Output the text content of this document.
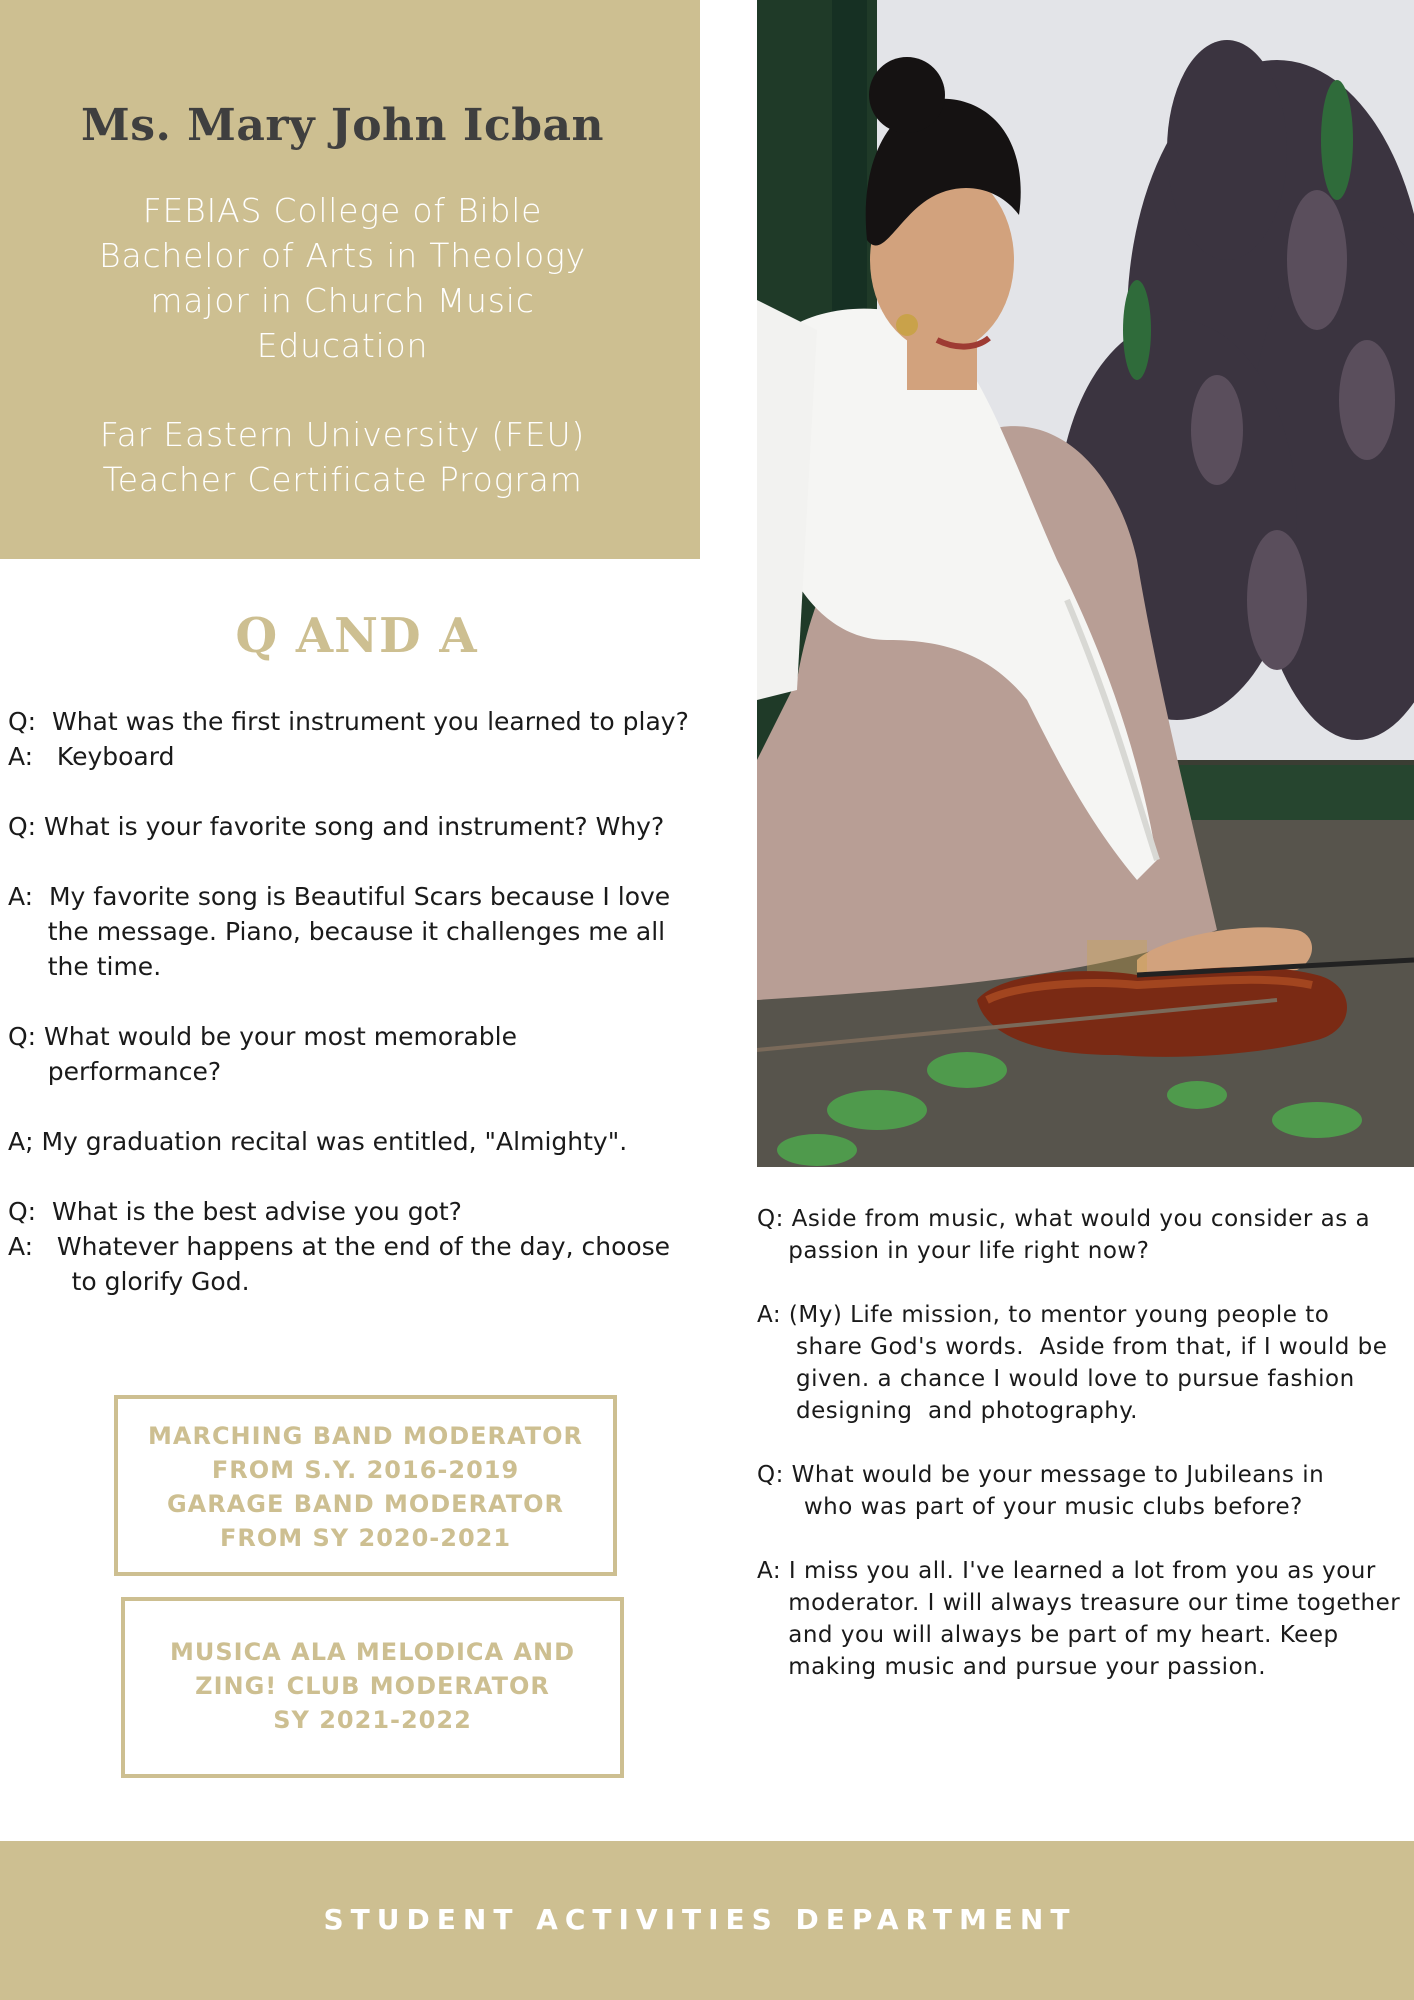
Ms. Mary John Icban
FEBIAS College of Bible
Bachelor of Arts in Theology
major in Church Music
Education
Far Eastern University (FEU)
Teacher Certificate Program
Q AND A

Q:  What was the first instrument you learned to play?

A:   Keyboard

Q: What is your favorite song and instrument? Why?

A:  My favorite song is Beautiful Scars because I love

the message. Piano, because it challenges me all

the time.

Q: What would be your most memorable

performance?

A; My graduation recital was entitled, "Almighty".

Q:  What is the best advise you got?

A:   Whatever happens at the end of the day, choose

to glorify God.

MARCHING BAND MODERATOR
FROM S.Y. 2016-2019
GARAGE BAND MODERATOR
FROM SY 2020-2021
MUSICA ALA MELODICA AND
ZING! CLUB MODERATOR
SY 2021-2022

Q: Aside from music, what would you consider as a

passion in your life right now?

A: (My) Life mission, to mentor young people to

share God's words.  Aside from that, if I would be

given. a chance I would love to pursue fashion

designing  and photography.

Q: What would be your message to Jubileans in

who was part of your music clubs before?

A: I miss you all. I've learned a lot from you as your

moderator. I will always treasure our time together

and you will always be part of my heart. Keep

making music and pursue your passion.

STUDENT ACTIVITIES DEPARTMENT
